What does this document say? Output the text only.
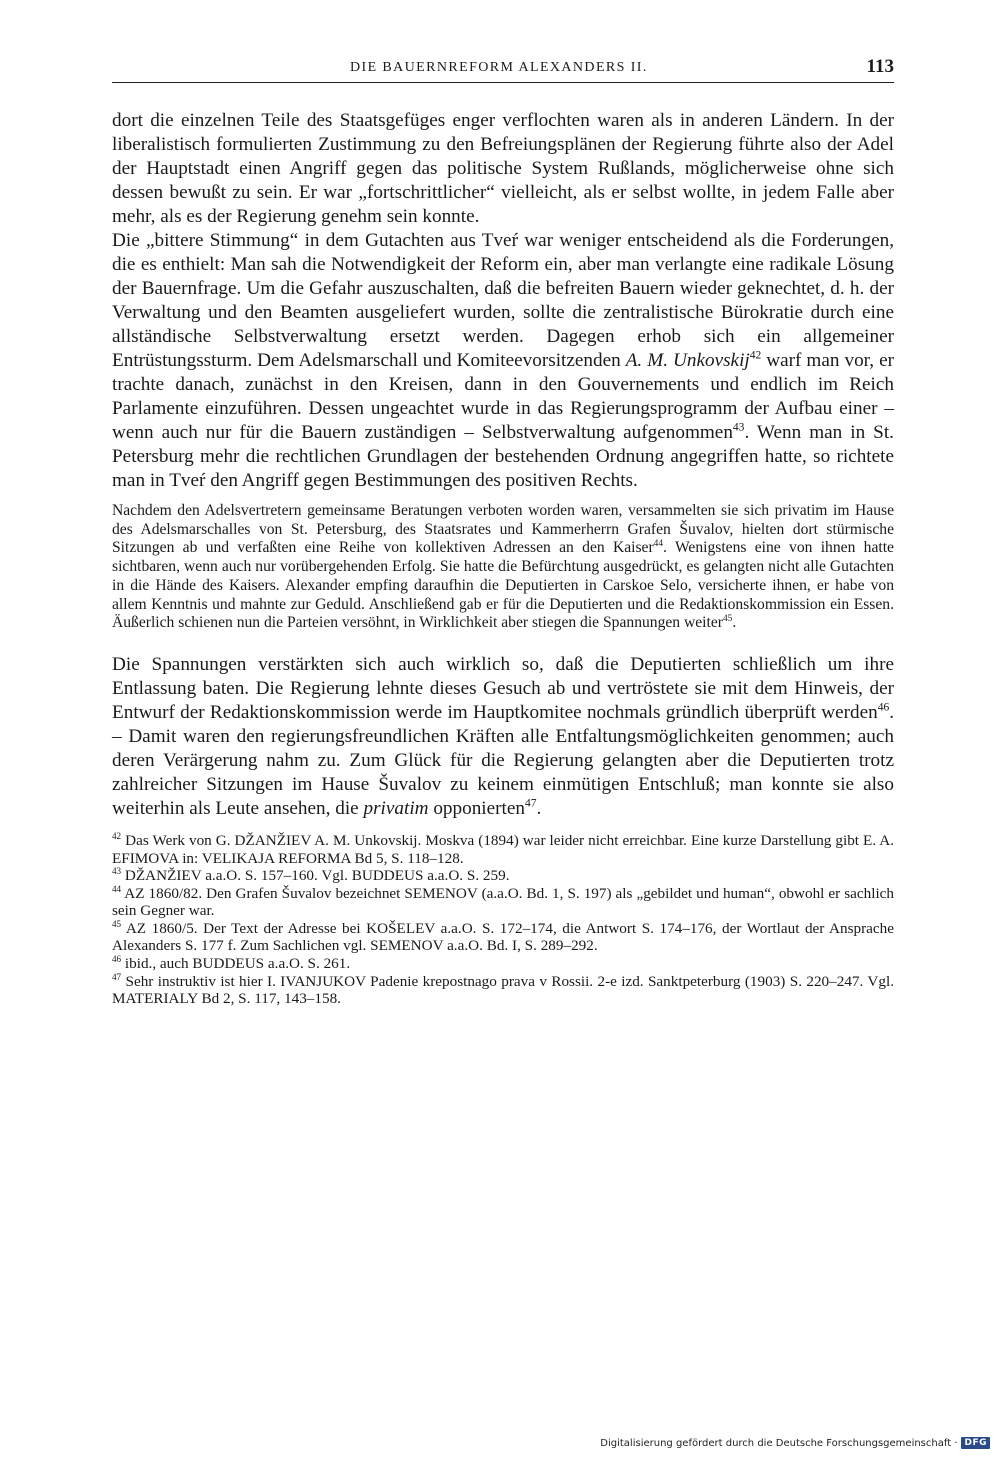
DIE BAUERNREFORM ALEXANDERS II.	113

dort die einzelnen Teile des Staatsgefüges enger verflochten waren als in anderen Ländern. In der liberalistisch formulierten Zustimmung zu den Befreiungsplänen der Regierung führte also der Adel der Hauptstadt einen Angriff gegen das politische System Rußlands, möglicherweise ohne sich dessen bewußt zu sein. Er war „fortschrittlicher“ vielleicht, als er selbst wollte, in jedem Falle aber mehr, als es der Regierung genehm sein konnte.

Die „bittere Stimmung“ in dem Gutachten aus Tveŕ war weniger entscheidend als die Forderungen, die es enthielt: Man sah die Notwendigkeit der Reform ein, aber man verlangte eine radikale Lösung der Bauernfrage. Um die Gefahr auszuschalten, daß die befreiten Bauern wieder geknechtet, d. h. der Verwaltung und den Beamten ausgeliefert wurden, sollte die zentralistische Bürokratie durch eine allständische Selbstverwaltung ersetzt werden. Dagegen erhob sich ein allgemeiner Entrüstungssturm. Dem Adelsmarschall und Komiteevorsitzenden A. M. Unkovskij$^{42}$ warf man vor, er trachte danach, zunächst in den Kreisen, dann in den Gouvernements und endlich im Reich Parlamente einzuführen. Dessen ungeachtet wurde in das Regierungsprogramm der Aufbau einer – wenn auch nur für die Bauern zuständigen – Selbstverwaltung aufgenommen$^{43}$. Wenn man in St. Petersburg mehr die rechtlichen Grundlagen der bestehenden Ordnung angegriffen hatte, so richtete man in Tveŕ den Angriff gegen Bestimmungen des positiven Rechts.

Nachdem den Adelsvertretern gemeinsame Beratungen verboten worden waren, versammelten sie sich privatim im Hause des Adelsmarschalles von St. Petersburg, des Staatsrates und Kammerherrn Grafen Šuvalov, hielten dort stürmische Sitzungen ab und verfaßten eine Reihe von kollektiven Adressen an den Kaiser$^{44}$. Wenigstens eine von ihnen hatte sichtbaren, wenn auch nur vorübergehenden Erfolg. Sie hatte die Befürchtung ausgedrückt, es gelangten nicht alle Gutachten in die Hände des Kaisers. Alexander empfing daraufhin die Deputierten in Carskoe Selo, versicherte ihnen, er habe von allem Kenntnis und mahnte zur Geduld. Anschließend gab er für die Deputierten und die Redaktionskommission ein Essen. Äußerlich schienen nun die Parteien versöhnt, in Wirklichkeit aber stiegen die Spannungen weiter$^{45}$.

Die Spannungen verstärkten sich auch wirklich so, daß die Deputierten schließlich um ihre Entlassung baten. Die Regierung lehnte dieses Gesuch ab und vertröstete sie mit dem Hinweis, der Entwurf der Redaktionskommission werde im Hauptkomitee nochmals gründlich überprüft werden$^{46}$. – Damit waren den regierungsfreundlichen Kräften alle Entfaltungsmöglichkeiten genommen; auch deren Verärgerung nahm zu. Zum Glück für die Regierung gelangten aber die Deputierten trotz zahlreicher Sitzungen im Hause Šuvalov zu keinem einmütigen Entschluß; man konnte sie also weiterhin als Leute ansehen, die privatim opponierten$^{47}$.

$^{42}$ Das Werk von G. DŽANŽIEV A. M. Unkovskij. Moskva (1894) war leider nicht erreichbar. Eine kurze Darstellung gibt E. A. EFIMOVA in: VELIKAJA REFORMA Bd 5, S. 118–128.

$^{43}$ DŽANŽIEV a.a.O. S. 157–160. Vgl. BUDDEUS a.a.O. S. 259.

$^{44}$ AZ 1860/82. Den Grafen Šuvalov bezeichnet SEMENOV (a.a.O. Bd. 1, S. 197) als „gebildet und human“, obwohl er sachlich sein Gegner war.

$^{45}$ AZ 1860/5. Der Text der Adresse bei KOŠELEV a.a.O. S. 172–174, die Antwort S. 174–176, der Wortlaut der Ansprache Alexanders S. 177 f. Zum Sachlichen vgl. SEMENOV a.a.O. Bd. I, S. 289–292.

$^{46}$ ibid., auch BUDDEUS a.a.O. S. 261.

$^{47}$ Sehr instruktiv ist hier I. IVANJUKOV Padenie krepostnago prava v Rossii. 2-e izd. Sanktpeterburg (1903) S. 220–247. Vgl. MATERIALY Bd 2, S. 117, 143–158.

Digitalisierung gefördert durch die Deutsche Forschungsgemeinschaft · DFG
